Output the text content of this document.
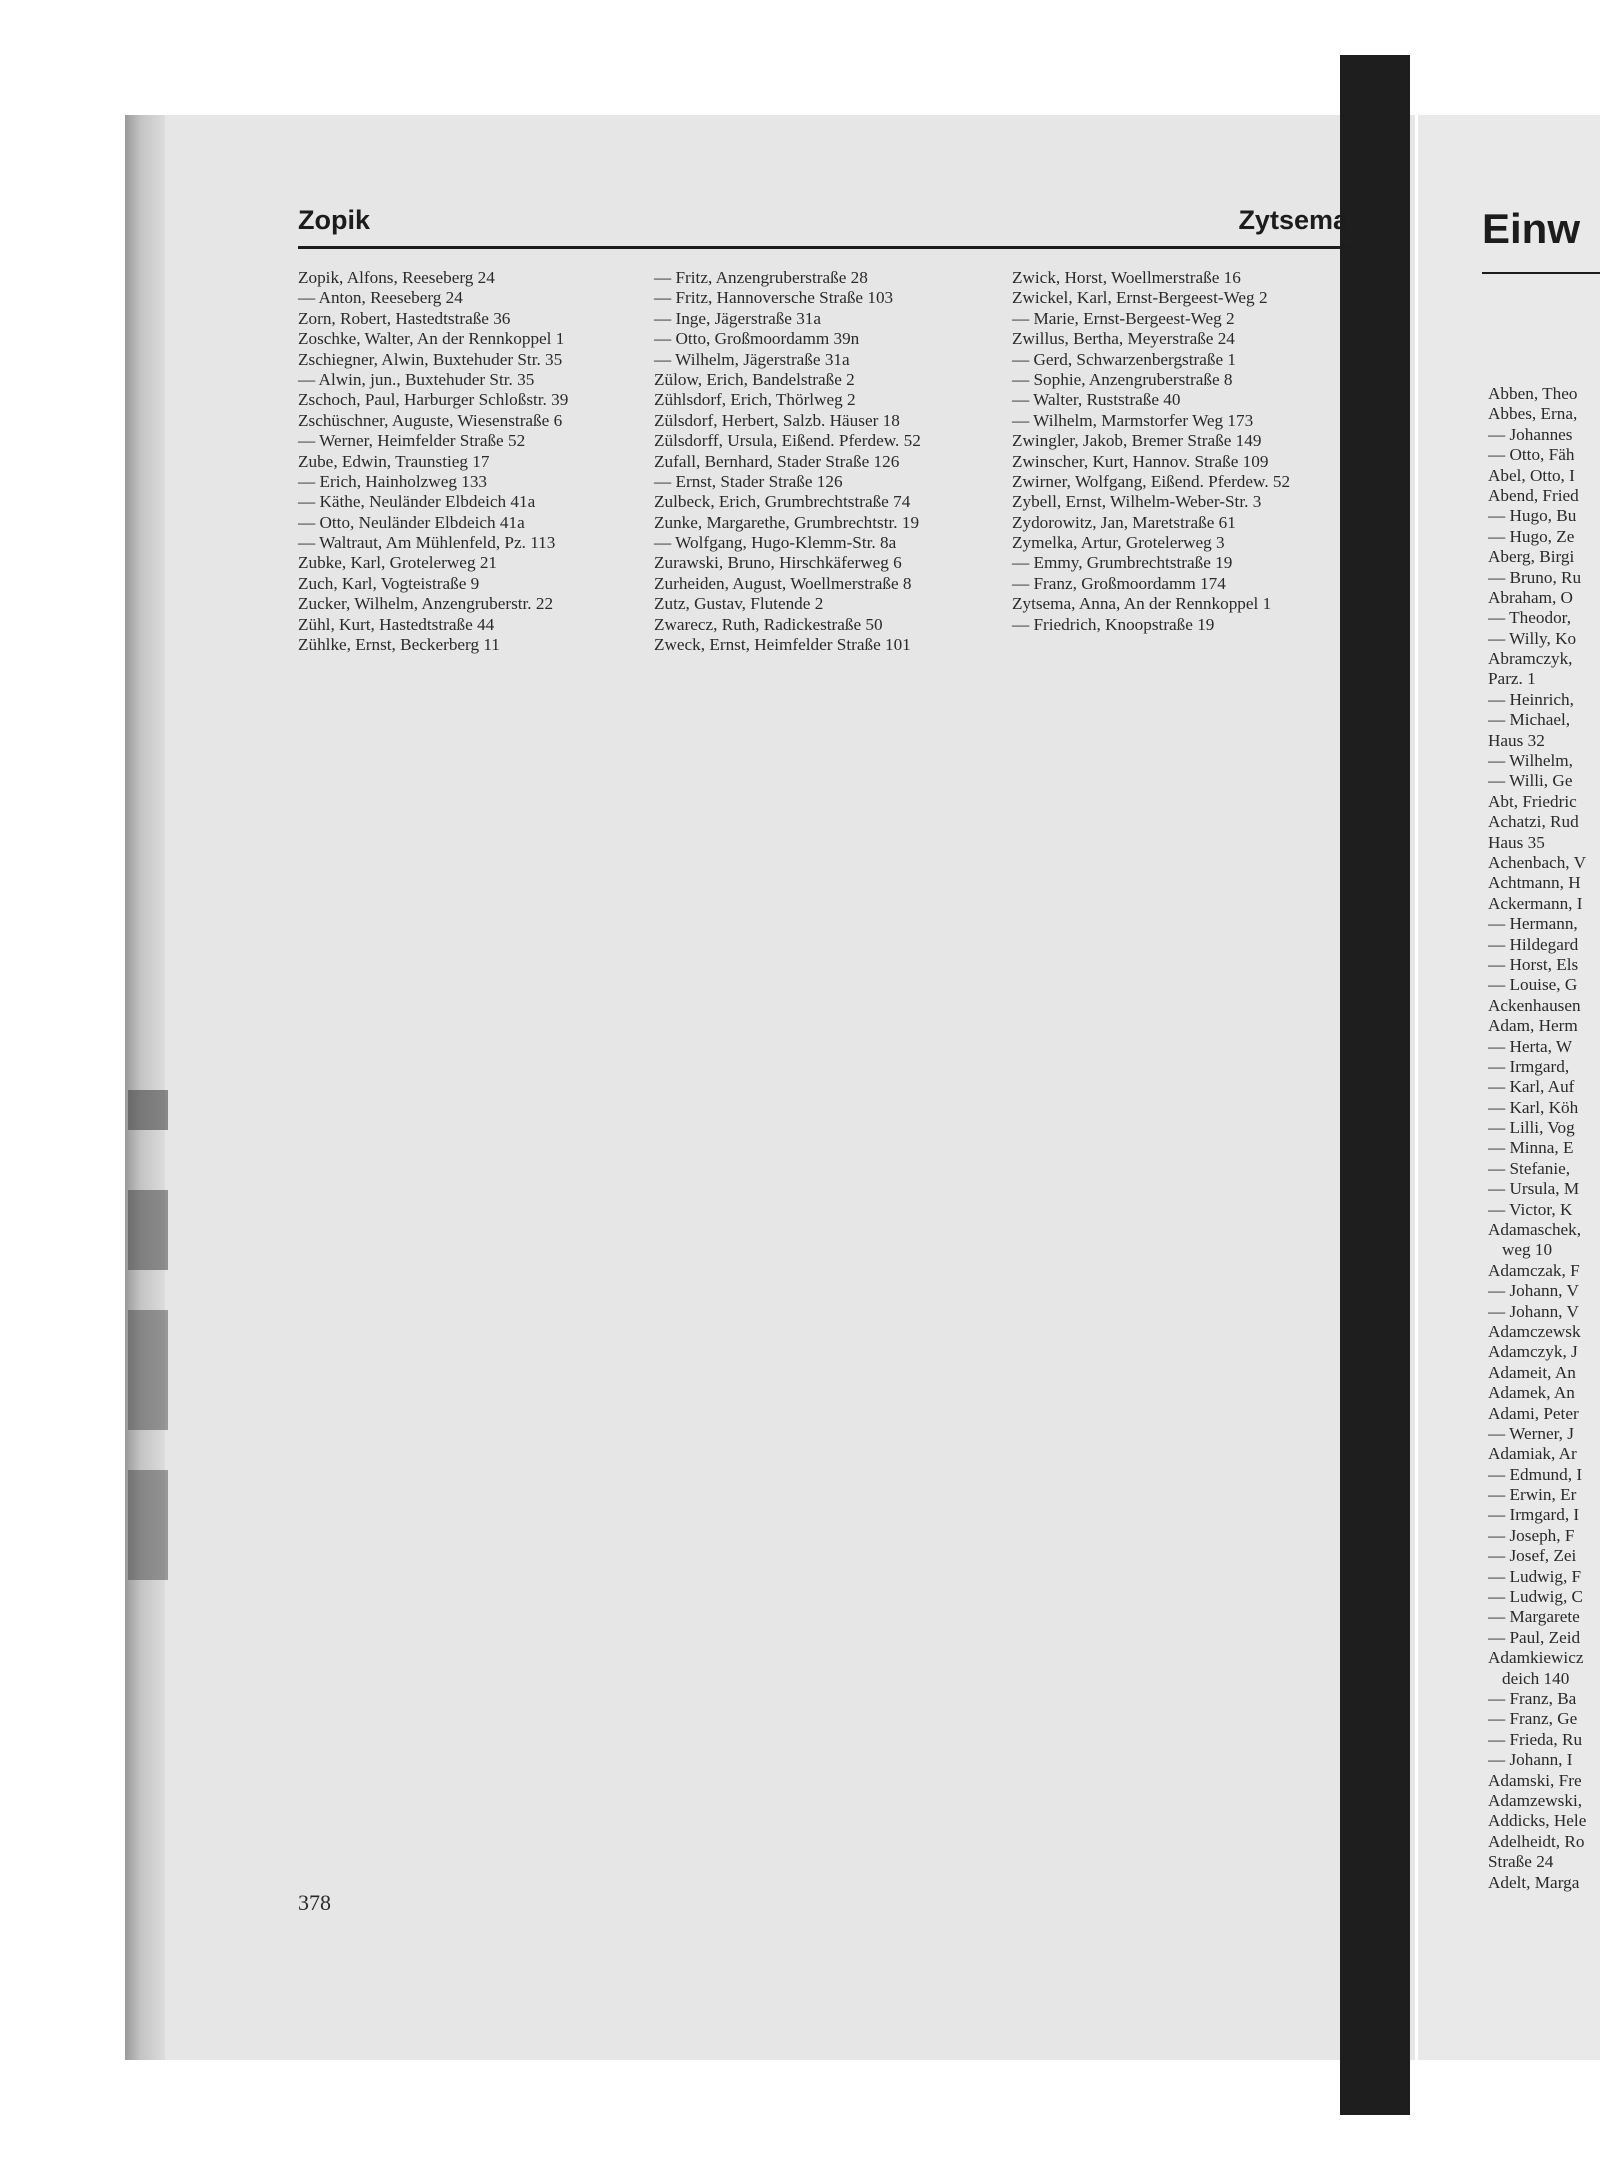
Zopik	Zytsema
Zopik, Alfons, Reeseberg 24
— Anton, Reeseberg 24
Zorn, Robert, Hastedtstraße 36
Zoschke, Walter, An der Rennkoppel 1
Zschiegner, Alwin, Buxtehuder Str. 35
— Alwin, jun., Buxtehuder Str. 35
Zschoch, Paul, Harburger Schloßstr. 39
Zschüschner, Auguste, Wiesenstraße 6
— Werner, Heimfelder Straße 52
Zube, Edwin, Traunstieg 17
— Erich, Hainholzweg 133
— Käthe, Neuländer Elbdeich 41a
— Otto, Neuländer Elbdeich 41a
— Waltraut, Am Mühlenfeld, Pz. 113
Zubke, Karl, Grotelerweg 21
Zuch, Karl, Vogteistraße 9
Zucker, Wilhelm, Anzengruberstr. 22
Zühl, Kurt, Hastedtstraße 44
Zühlke, Ernst, Beckerberg 11
— Fritz, Anzengruberstraße 28
— Fritz, Hannoversche Straße 103
— Inge, Jägerstraße 31a
— Otto, Großmoordamm 39n
— Wilhelm, Jägerstraße 31a
Zülow, Erich, Bandelstraße 2
Zühlsdorf, Erich, Thörlweg 2
Zülsdorf, Herbert, Salzb. Häuser 18
Zülsdorff, Ursula, Eißend. Pferdew. 52
Zufall, Bernhard, Stader Straße 126
— Ernst, Stader Straße 126
Zulbeck, Erich, Grumbrechtstraße 74
Zunke, Margarethe, Grumbrechtstr. 19
— Wolfgang, Hugo-Klemm-Str. 8a
Zurawski, Bruno, Hirschkäferweg 6
Zurheiden, August, Woellmerstraße 8
Zutz, Gustav, Flutende 2
Zwarecz, Ruth, Radickestraße 50
Zweck, Ernst, Heimfelder Straße 101
Zwick, Horst, Woellmerstraße 16
Zwickel, Karl, Ernst-Bergeest-Weg 2
— Marie, Ernst-Bergeest-Weg 2
Zwillus, Bertha, Meyerstraße 24
— Gerd, Schwarzenbergstraße 1
— Sophie, Anzengruberstraße 8
— Walter, Ruststraße 40
— Wilhelm, Marmstorfer Weg 173
Zwingler, Jakob, Bremer Straße 149
Zwinscher, Kurt, Hannov. Straße 109
Zwirner, Wolfgang, Eißend. Pferdew. 52
Zybell, Ernst, Wilhelm-Weber-Str. 3
Zydorowitz, Jan, Maretstraße 61
Zymelka, Artur, Grotelerweg 3
— Emmy, Grumbrechtstraße 19
— Franz, Großmoordamm 174
Zytsema, Anna, An der Rennkoppel 1
— Friedrich, Knoopstraße 19
378
Einw
Abben, Theo
Abbes, Erna,
— Johannes
— Otto, Fäh
Abel, Otto, I
Abend, Fried
— Hugo, Bu
— Hugo, Ze
Aberg, Birgi
— Bruno, Ru
Abraham, O
— Theodor,
— Willy, Ko
Abramczyk,
Parz. 1
— Heinrich,
— Michael,
Haus 32
— Wilhelm,
— Willi, Ge
Abt, Friedric
Achatzi, Rud
Haus 35
Achenbach, V
Achtmann, H
Ackermann, I
— Hermann,
— Hildegard
— Horst, Els
— Louise, G
Ackenhausen
Adam, Herm
— Herta, W
— Irmgard,
— Karl, Auf
— Karl, Köh
— Lilli, Vog
— Minna, E
— Stefanie,
— Ursula, M
— Victor, K
Adamaschek,
weg 10
Adamczak, F
— Johann, V
— Johann, V
Adamczewsk
Adamczyk, J
Adameit, An
Adamek, An
Adami, Peter
— Werner, J
Adamiak, Ar
— Edmund, I
— Erwin, Er
— Irmgard, I
— Joseph, F
— Josef, Zei
— Ludwig, F
— Ludwig, C
— Margarete
— Paul, Zeid
Adamkiewicz
deich 140
— Franz, Ba
— Franz, Ge
— Frieda, Ru
— Johann, I
Adamski, Fre
Adamzewski,
Addicks, Hele
Adelheidt, Ro
Straße 24
Adelt, Marga
